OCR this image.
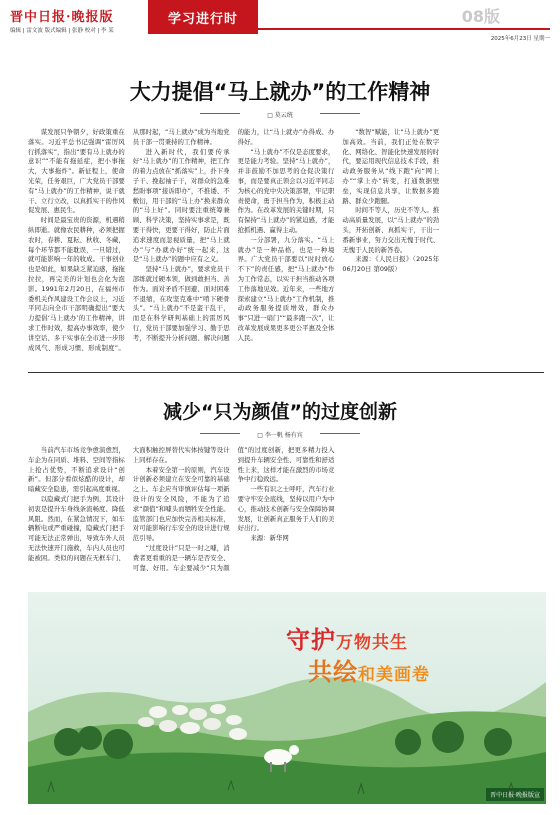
晋中日报·晚报版
编辑 | 雷文波 版式编辑 | 张静 校对 | 李 某
学习进行时	08版
2025年6月23日 星期一
大力提倡“马上就办”的工作精神
□ 莫云统

谋发展只争朝夕，好政策重在落实。习近平总书记强调“雷厉风行抓落实”，指出“要有马上就办的意识”“不能有拖延症，把小事拖大，大事拖炸”。新征程上，使命光荣，任务艰巨，广大党员干部要有“马上就办”的工作精神，说干就干、立行立改，以真抓实干的作风促发展、惠民生。

时间是最宝贵的资源，机遇稍纵即逝。就像农民耕种，必须把握农时，春耕、夏耘、秋收、冬藏，每个环节都不能耽误，一旦错过，就可能影响一年的收成。干事创业也是如此，如果缺乏紧迫感，拖拖拉拉，再完美的计划也会化为泡影。1991年2月20日，在福州市委机关作风建设工作会议上，习近平同志向全市干部明确提出“要大力提倡‘马上就办’的工作精神，讲求工作时效，提高办事效率，使少讲空话、多干实事在全市进一步形成风气、形成习惯、形成制度”。从那时起，“马上就办”成为当地党员干部一贯秉持的工作精神。

进入新时代，我们要传承好“马上就办”的工作精神，把工作的着力点放在“抓落实”上，扑下身子干、挽起袖子干，对群众的急难愁盼事项“接诉即办”，不推诿、不敷衍，用干部的“马上办”换来群众的“马上好”。同时要注重统筹兼顾、科学决策，坚持实事求是，既要干得快，更要干得好，防止片面追求速度而忽视质量，把“马上就办”与“办就办好”统一起来，这是“马上就办”的题中应有之义。

坚持“马上就办”，要求党员干部练就过硬本领，做到敢担当、善作为。面对矛盾不回避、面对困难不退缩，在攻坚克难中“啃下硬骨头”。“马上就办”不是蛮干乱干，而是在科学研判基础上的雷厉风行，党员干部要加强学习、勤于思考，不断提升分析问题、解决问题的能力，让“马上就办”办得成、办得好。

“马上就办”不仅是态度要求，更是能力考验。坚持“马上就办”，并非鼓励不加思考的仓促决策行事，而是要真正领会以习近平同志为核心的党中央决策部署，牢记职责使命，勇于担当作为，积极主动作为。在改革发展的关键时期，只有保持“马上就办”的紧迫感，才能抢抓机遇、赢得主动。

一分部署，九分落实。“马上就办”是一种品格，也是一种境界。广大党员干部要以“时时放心不下”的责任感，把“马上就办”作为工作常态，以实干担当推动各项工作落地见效。近年来，一些地方探索建立“马上就办”工作机制，推动政务服务提质增效，群众办事“只进一扇门”“最多跑一次”，让改革发展成果更多更公平惠及全体人民。

“数智”赋能，让“马上就办”更加高效。当前，我们正处在数字化、网络化、智能化快速发展的时代，要运用现代信息技术手段，推动政务服务从“线下跑”向“网上办”“掌上办”转变，打通数据壁垒，实现信息共享，让数据多跑路、群众少跑腿。

时间不等人，历史不等人。推动高质量发展，以“马上就办”的劲头，开拓创新、真抓实干，干出一番新事业，努力交出无愧于时代、无愧于人民的新答卷。

来源：《人民日报》（2025年06月20日 第09版）

减少“只为颜值”的过度创新
□ 李一帆 杨有宾

当前汽车市场竞争愈演愈烈，车企为在同质、堆料、空间等指标上抢占优势，不断追求设计“创新”。但部分看似炫酷的设计，却暗藏安全隐患，需引起高度重视。

以隐藏式门把手为例，其设计初衷是提升车身线条流畅度、降低风阻。然而，在紧急情况下，如车辆断电或严重碰撞，隐藏式门把手可能无法正常弹出，导致车外人员无法快速开门施救，车内人员也可能被困。类似的问题在无框车门、大面积触控屏替代实体按键等设计上同样存在。

本着安全第一的原则，汽车设计创新必须建立在安全可靠的基础之上。车企应当审慎评估每一项新设计的安全风险，不能为了追求“颜值”和噱头而牺牲安全性能。监管部门也应加快完善相关标准，对可能影响行车安全的设计进行规范引导。

“过度设计”只是一时之噱，消费者更看重的是一辆车是否安全、可靠、好用。车企要减少“只为颜值”的过度创新，把更多精力投入到提升车辆安全性、可靠性和舒适性上来，这样才能在激烈的市场竞争中行稳致远。

一些有识之士呼吁，汽车行业要守牢安全底线，坚持以用户为中心，推动技术创新与安全保障协调发展，让创新真正服务于人们的美好出行。

来源：新华网

守护万物共生
共绘和美画卷
晋中日报·晚报版宣
